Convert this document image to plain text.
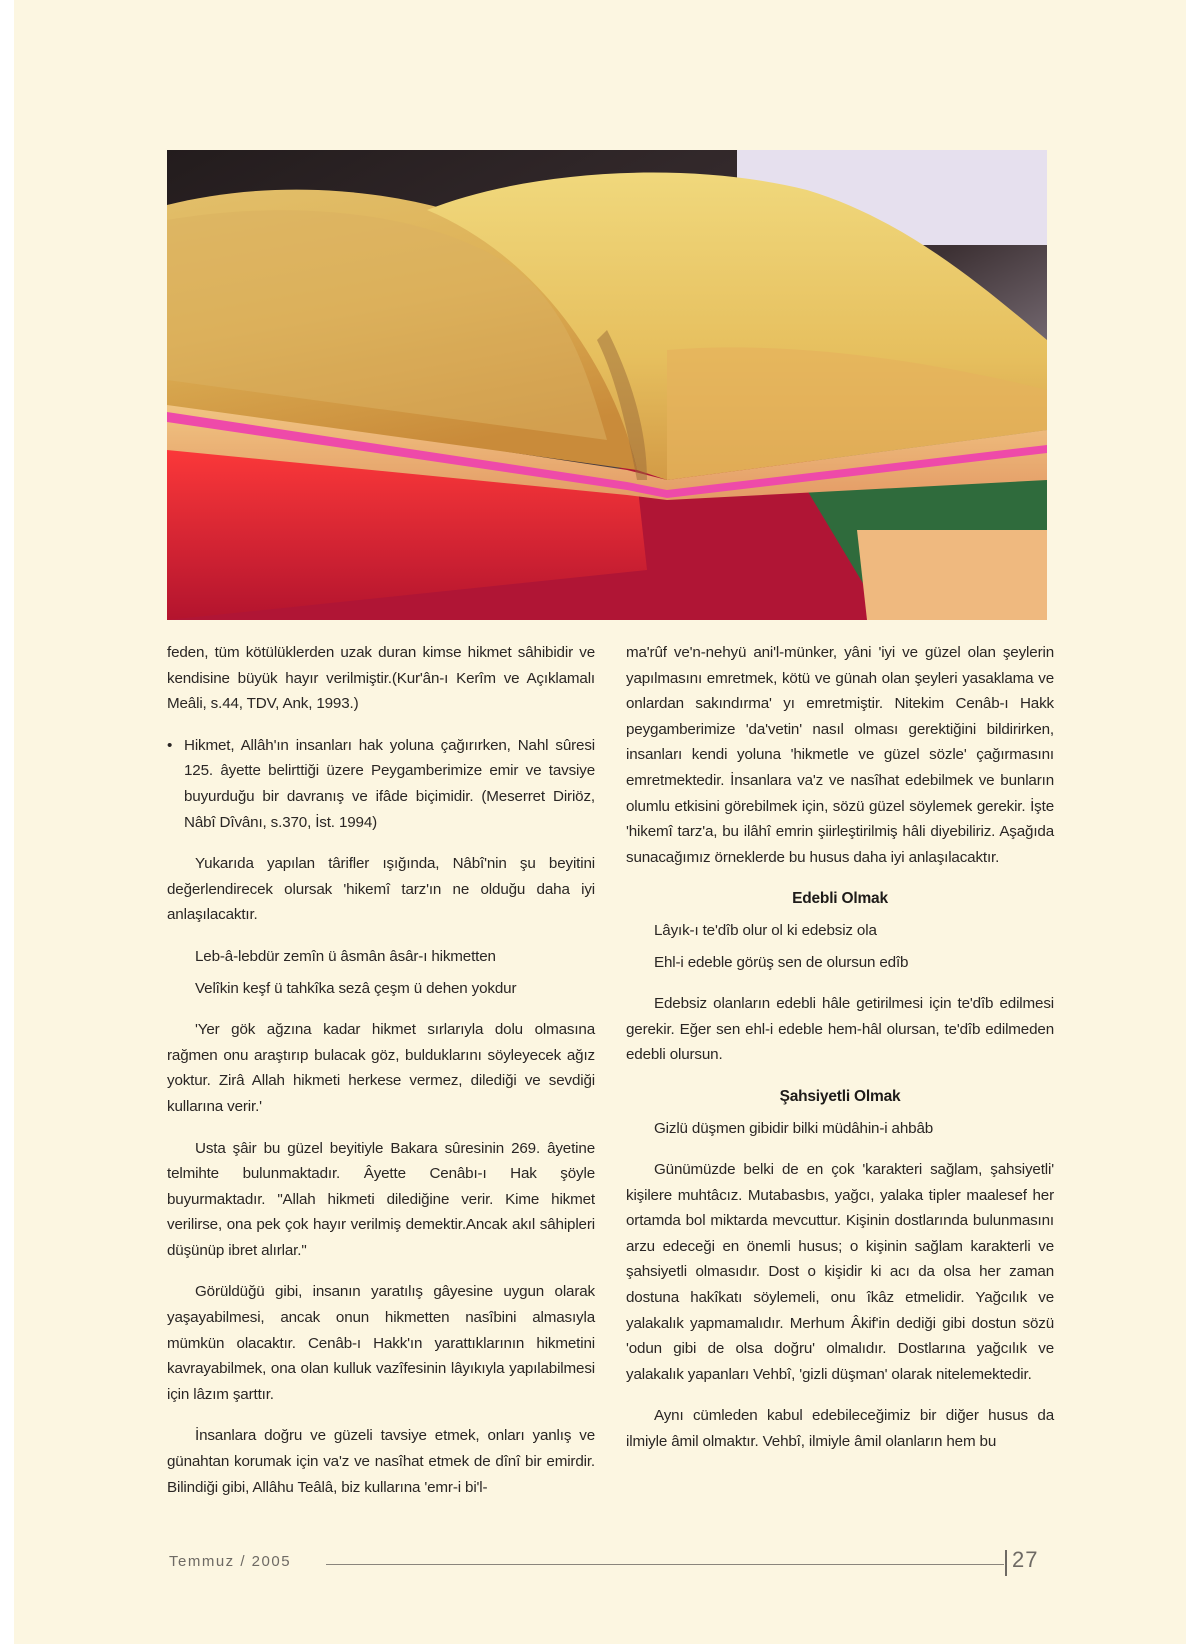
feden, tüm kötülüklerden uzak duran kimse hikmet sâhibidir ve kendisine büyük hayır verilmiştir.(Kur'ân-ı Kerîm ve Açıklamalı Meâli, s.44, TDV, Ank, 1993.)

• Hikmet, Allâh'ın insanları hak yoluna çağırırken, Nahl sûresi 125. âyette belirttiği üzere Peygamberimize emir ve tavsiye buyurduğu bir davranış ve ifâde biçimidir. (Meserret Diriöz, Nâbî Dîvânı, s.370, İst. 1994)

Yukarıda yapılan târifler ışığında, Nâbî'nin şu beyitini değerlendirecek olursak 'hikemî tarz'ın ne olduğu daha iyi anlaşılacaktır.

Leb-â-lebdür zemîn ü âsmân âsâr-ı hikmetten

Velîkin keşf ü tahkîka sezâ çeşm ü dehen yokdur

'Yer gök ağzına kadar hikmet sırlarıyla dolu olmasına rağmen onu araştırıp bulacak göz, bulduklarını söyleyecek ağız yoktur. Zirâ Allah hikmeti herkese vermez, dilediği ve sevdiği kullarına verir.'

Usta şâir bu güzel beyitiyle Bakara sûresinin 269. âyetine telmihte bulunmaktadır. Âyette Cenâbı-ı Hak şöyle buyurmaktadır. "Allah hikmeti dilediğine verir. Kime hikmet verilirse, ona pek çok hayır verilmiş demektir.Ancak akıl sâhipleri düşünüp ibret alırlar."

Görüldüğü gibi, insanın yaratılış gâyesine uygun olarak yaşayabilmesi, ancak onun hikmetten nasîbini almasıyla mümkün olacaktır. Cenâb-ı Hakk'ın yarattıklarının hikmetini kavrayabilmek, ona olan kulluk vazîfesinin lâyıkıyla yapılabilmesi için lâzım şarttır.

İnsanlara doğru ve güzeli tavsiye etmek, onları yanlış ve günahtan korumak için va'z ve nasîhat etmek de dînî bir emirdir. Bilindiği gibi, Allâhu Teâlâ, biz kullarına 'emr-i bi'l-

ma'rûf ve'n-nehyü ani'l-münker, yâni 'iyi ve güzel olan şeylerin yapılmasını emretmek, kötü ve günah olan şeyleri yasaklama ve onlardan sakındırma' yı emretmiştir. Nitekim Cenâb-ı Hakk peygamberimize 'da'vetin' nasıl olması gerektiğini bildirirken, insanları kendi yoluna 'hikmetle ve güzel sözle' çağırmasını emretmektedir. İnsanlara va'z ve nasîhat edebilmek ve bunların olumlu etkisini görebilmek için, sözü güzel söylemek gerekir. İşte 'hikemî tarz'a, bu ilâhî emrin şiirleştirilmiş hâli diyebiliriz. Aşağıda sunacağımız örneklerde bu husus daha iyi anlaşılacaktır.

Edebli Olmak

Lâyık-ı te'dîb olur ol ki edebsiz ola

Ehl-i edeble görüş sen de olursun edîb

Edebsiz olanların edebli hâle getirilmesi için te'dîb edilmesi gerekir. Eğer sen ehl-i edeble hem-hâl olursan, te'dîb edilmeden edebli olursun.

Şahsiyetli Olmak

Gizlü düşmen gibidir bilki müdâhin-i ahbâb

Günümüzde belki de en çok 'karakteri sağlam, şahsiyetli' kişilere muhtâcız. Mutabasbıs, yağcı, yalaka tipler maalesef her ortamda bol miktarda mevcuttur. Kişinin dostlarında bulunmasını arzu edeceği en önemli husus; o kişinin sağlam karakterli ve şahsiyetli olmasıdır. Dost o kişidir ki acı da olsa her zaman dostuna hakîkatı söylemeli, onu îkâz etmelidir. Yağcılık ve yalakalık yapmamalıdır. Merhum Âkif'in dediği gibi dostun sözü 'odun gibi de olsa doğru' olmalıdır. Dostlarına yağcılık ve yalakalık yapanları Vehbî, 'gizli düşman' olarak nitelemektedir.

Aynı cümleden kabul edebileceğimiz bir diğer husus da ilmiyle âmil olmaktır. Vehbî, ilmiyle âmil olanların hem bu

Temmuz / 2005	27
